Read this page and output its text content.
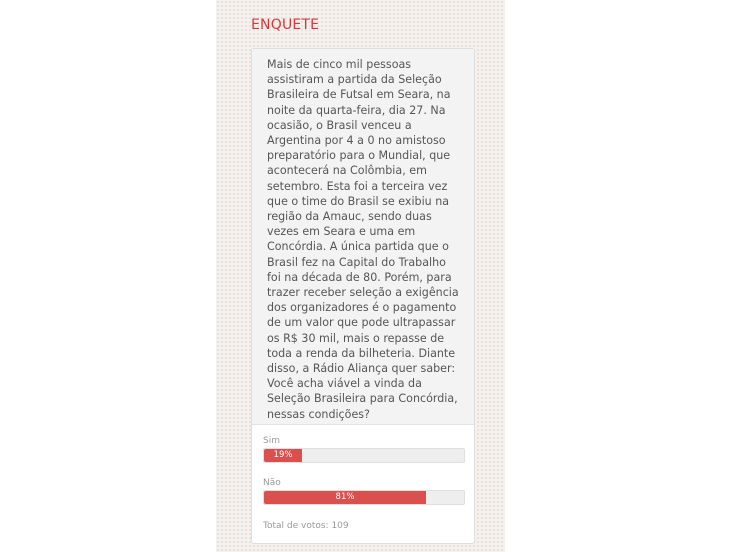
ENQUETE
Mais de cinco mil pessoas assistiram a partida da Seleção Brasileira de Futsal em Seara, na noite da quarta-feira, dia 27. Na ocasião, o Brasil venceu a Argentina por 4 a 0 no amistoso preparatório para o Mundial, que acontecerá na Colômbia, em setembro. Esta foi a terceira vez que o time do Brasil se exibiu na região da Amauc, sendo duas vezes em Seara e uma em Concórdia. A única partida que o Brasil fez na Capital do Trabalho foi na década de 80. Porém, para trazer receber seleção a exigência dos organizadores é o pagamento de um valor que pode ultrapassar os R$ 30 mil, mais o repasse de toda a renda da bilheteria. Diante disso, a Rádio Aliança quer saber: Você acha viável a vinda da Seleção Brasileira para Concórdia, nessas condições?
Sim
19%
Não
81%
Total de votos: 109
